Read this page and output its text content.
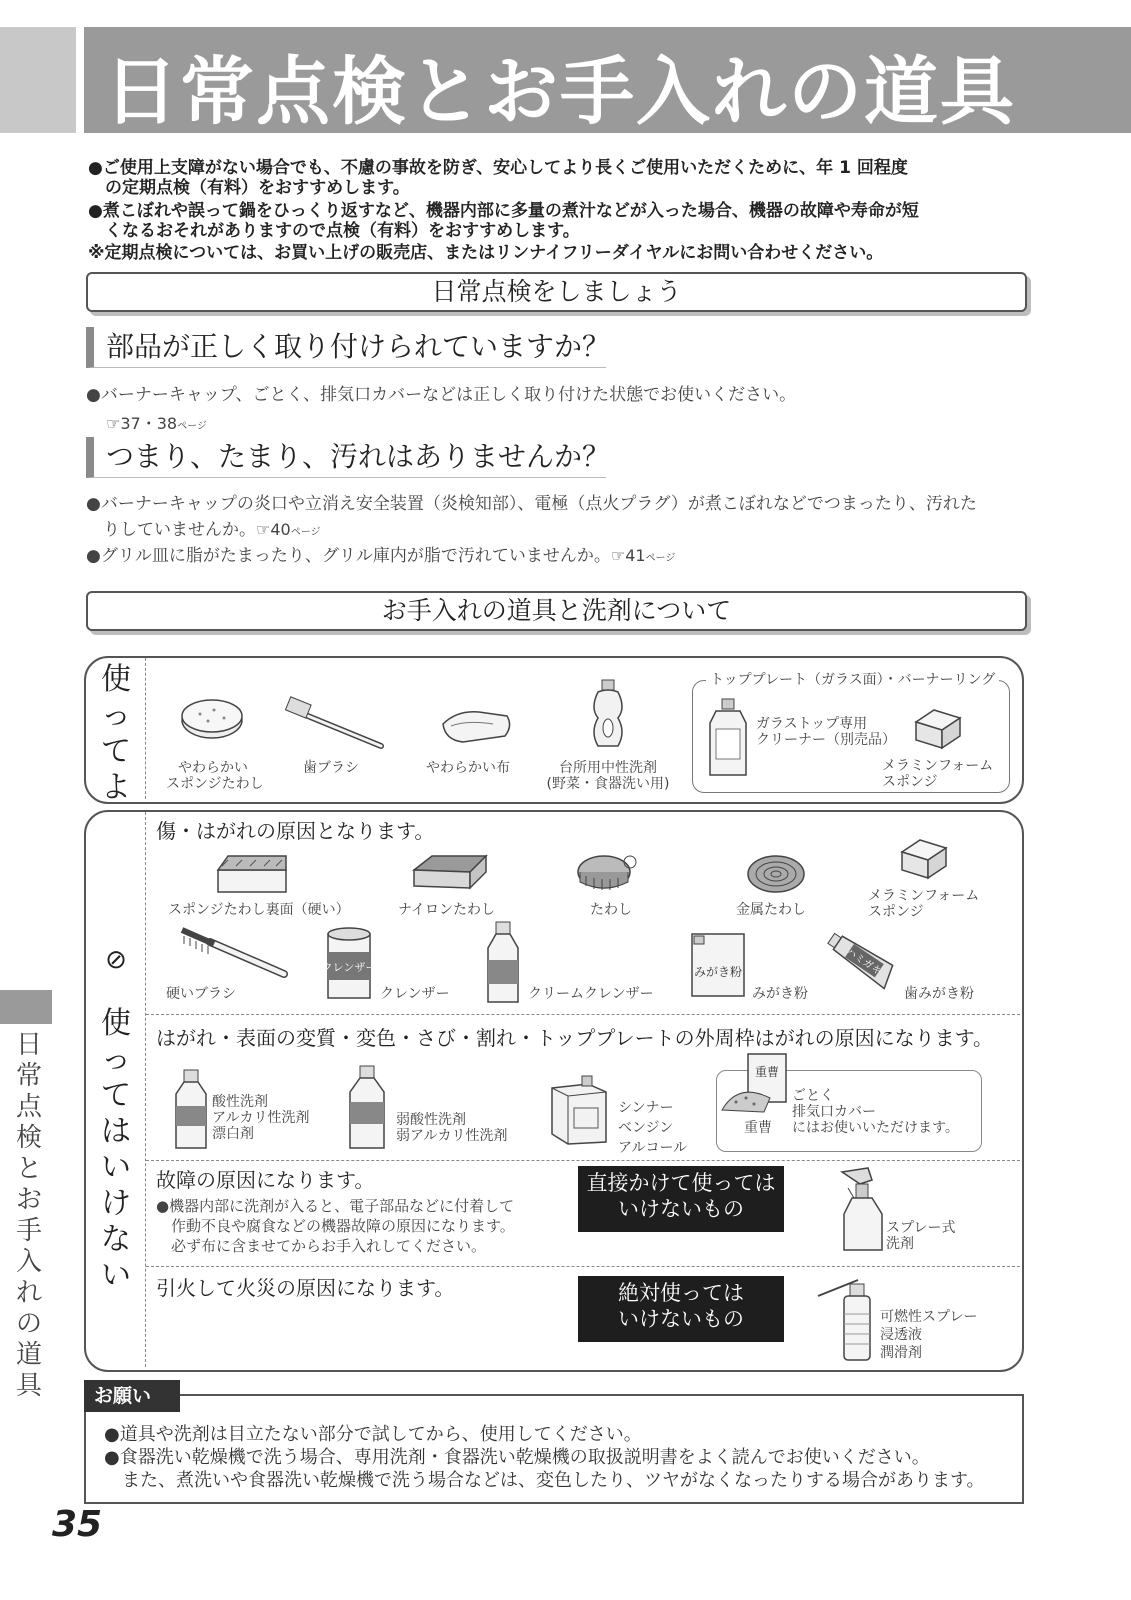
日常点検とお手入れの道具
●ご使用上支障がない場合でも、不慮の事故を防ぎ、安心してより長くご使用いただくために、年 1 回程度
　の定期点検（有料）をおすすめします。
●煮こぼれや誤って鍋をひっくり返すなど、機器内部に多量の煮汁などが入った場合、機器の故障や寿命が短
　くなるおそれがありますので点検（有料）をおすすめします。
※定期点検については、お買い上げの販売店、またはリンナイフリーダイヤルにお問い合わせください。
日常点検をしましょう
部品が正しく取り付けられていますか？
●バーナーキャップ、ごとく、排気口カバーなどは正しく取り付けた状態でお使いください。
☞37・38ページ
つまり、たまり、汚れはありませんか？
●バーナーキャップの炎口や立消え安全装置（炎検知部）、電極（点火プラグ）が煮こぼれなどでつまったり、汚れた
　りしていませんか。☞40ページ
●グリル皿に脂がたまったり、グリル庫内が脂で汚れていませんか。☞41ページ
お手入れの道具と洗剤について
使
っ
て
よ
やわらかい
スポンジたわし
歯ブラシ	やわらかい布	台所用中性洗剤
(野菜・食器洗い用)
トッププレート（ガラス面）・バーナーリング
ガラストップ専用
クリーナー（別売品）
メラミンフォーム
スポンジ
⊘
使
っ
て
は
い
け
な
い
傷・はがれの原因となります。
スポンジたわし裏面（硬い）	ナイロンたわし	たわし	金属たわし
メラミンフォーム
スポンジ
硬いブラシ
クレンザー
クレンザー	クリームクレンザー
みがき粉
みがき粉
ハミガキ
歯みがき粉
はがれ・表面の変質・変色・さび・割れ・トッププレートの外周枠はがれの原因になります。
酸性洗剤
アルカリ性洗剤
漂白剤
弱酸性洗剤
弱アルカリ性洗剤
シンナー
ベンジン
アルコール
重曹
重曹
ごとく
排気口カバー
にはお使いいただけます。
故障の原因になります。
●機器内部に洗剤が入ると、電子部品などに付着して
　作動不良や腐食などの機器故障の原因になります。
　必ず布に含ませてからお手入れしてください。
直接かけて使っては
いけないもの
スプレー式
洗剤
引火して火災の原因になります。	絶対使っては
いけないもの	可燃性スプレー
浸透液
潤滑剤
日
常
点
検
と
お
手
入
れ
の
道
具	お願い
●道具や洗剤は目立たない部分で試してから、使用してください。
●食器洗い乾燥機で洗う場合、専用洗剤・食器洗い乾燥機の取扱説明書をよく読んでお使いください。
　また、煮洗いや食器洗い乾燥機で洗う場合などは、変色したり、ツヤがなくなったりする場合があります。
35
